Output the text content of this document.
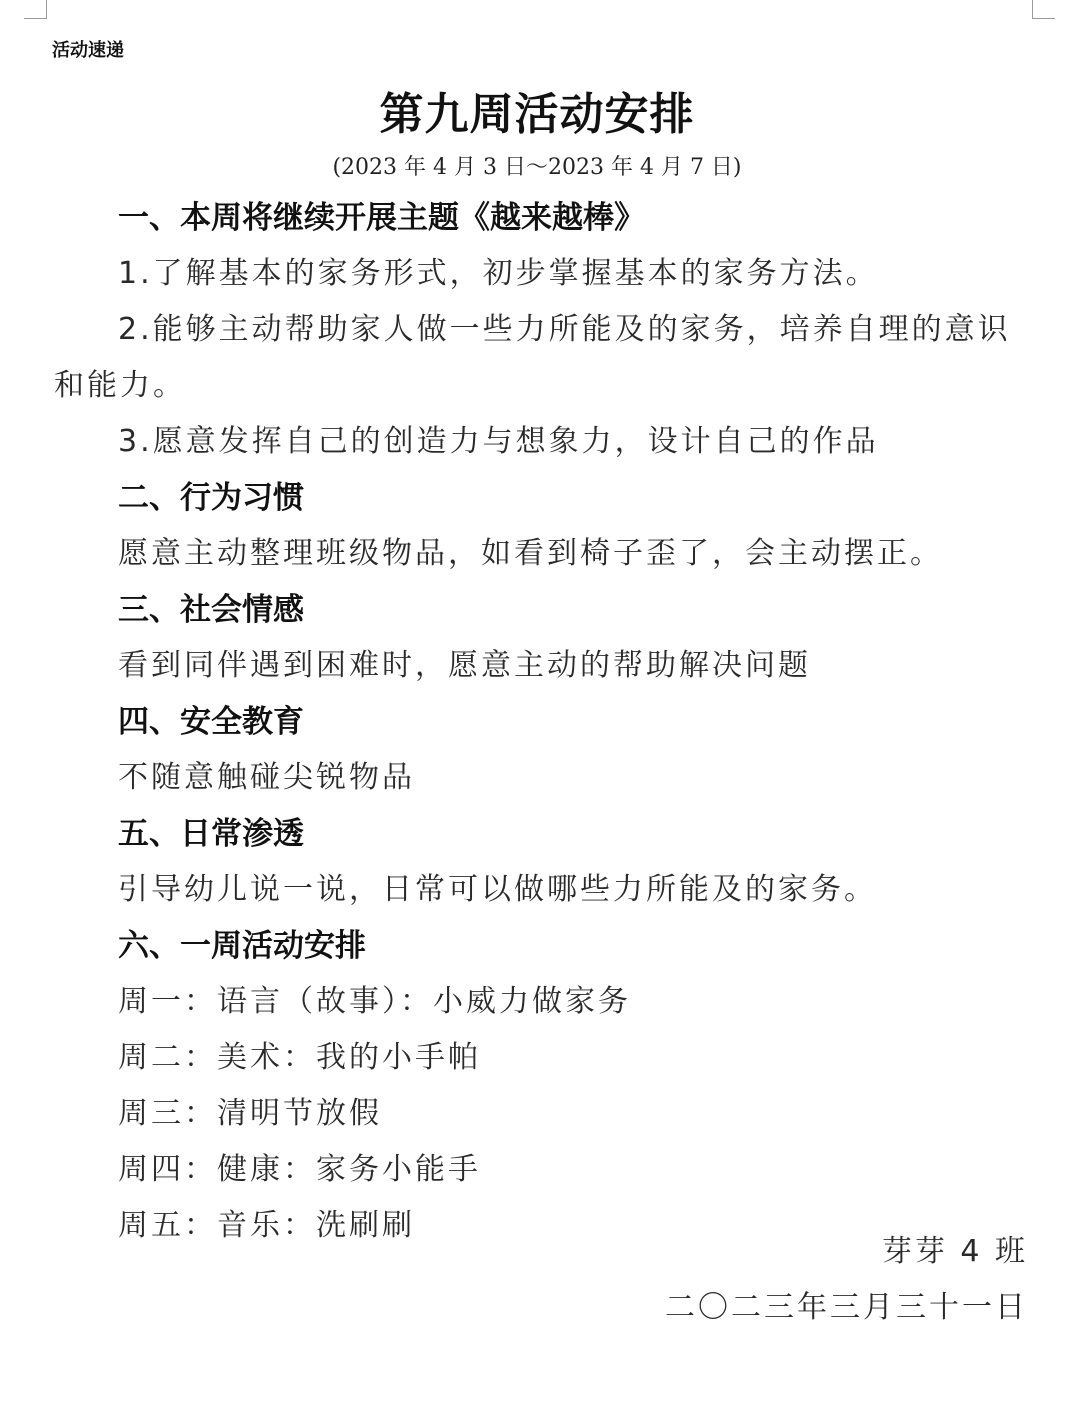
活动速递
第九周活动安排
(2023 年 4 月 3 日～2023 年 4 月 7 日)
一、本周将继续开展主题《越来越棒》
1.了解基本的家务形式，初步掌握基本的家务方法。
2.能够主动帮助家人做一些力所能及的家务，培养自理的意识和能力。
3.愿意发挥自己的创造力与想象力，设计自己的作品
二、行为习惯
愿意主动整理班级物品，如看到椅子歪了，会主动摆正。
三、社会情感
看到同伴遇到困难时，愿意主动的帮助解决问题
四、安全教育
不随意触碰尖锐物品
五、日常渗透
引导幼儿说一说，日常可以做哪些力所能及的家务。
六、一周活动安排
周一：语言（故事）：小威力做家务
周二：美术：我的小手帕
周三：清明节放假
周四：健康：家务小能手
周五：音乐：洗刷刷
芽芽 4 班
二〇二三年三月三十一日
